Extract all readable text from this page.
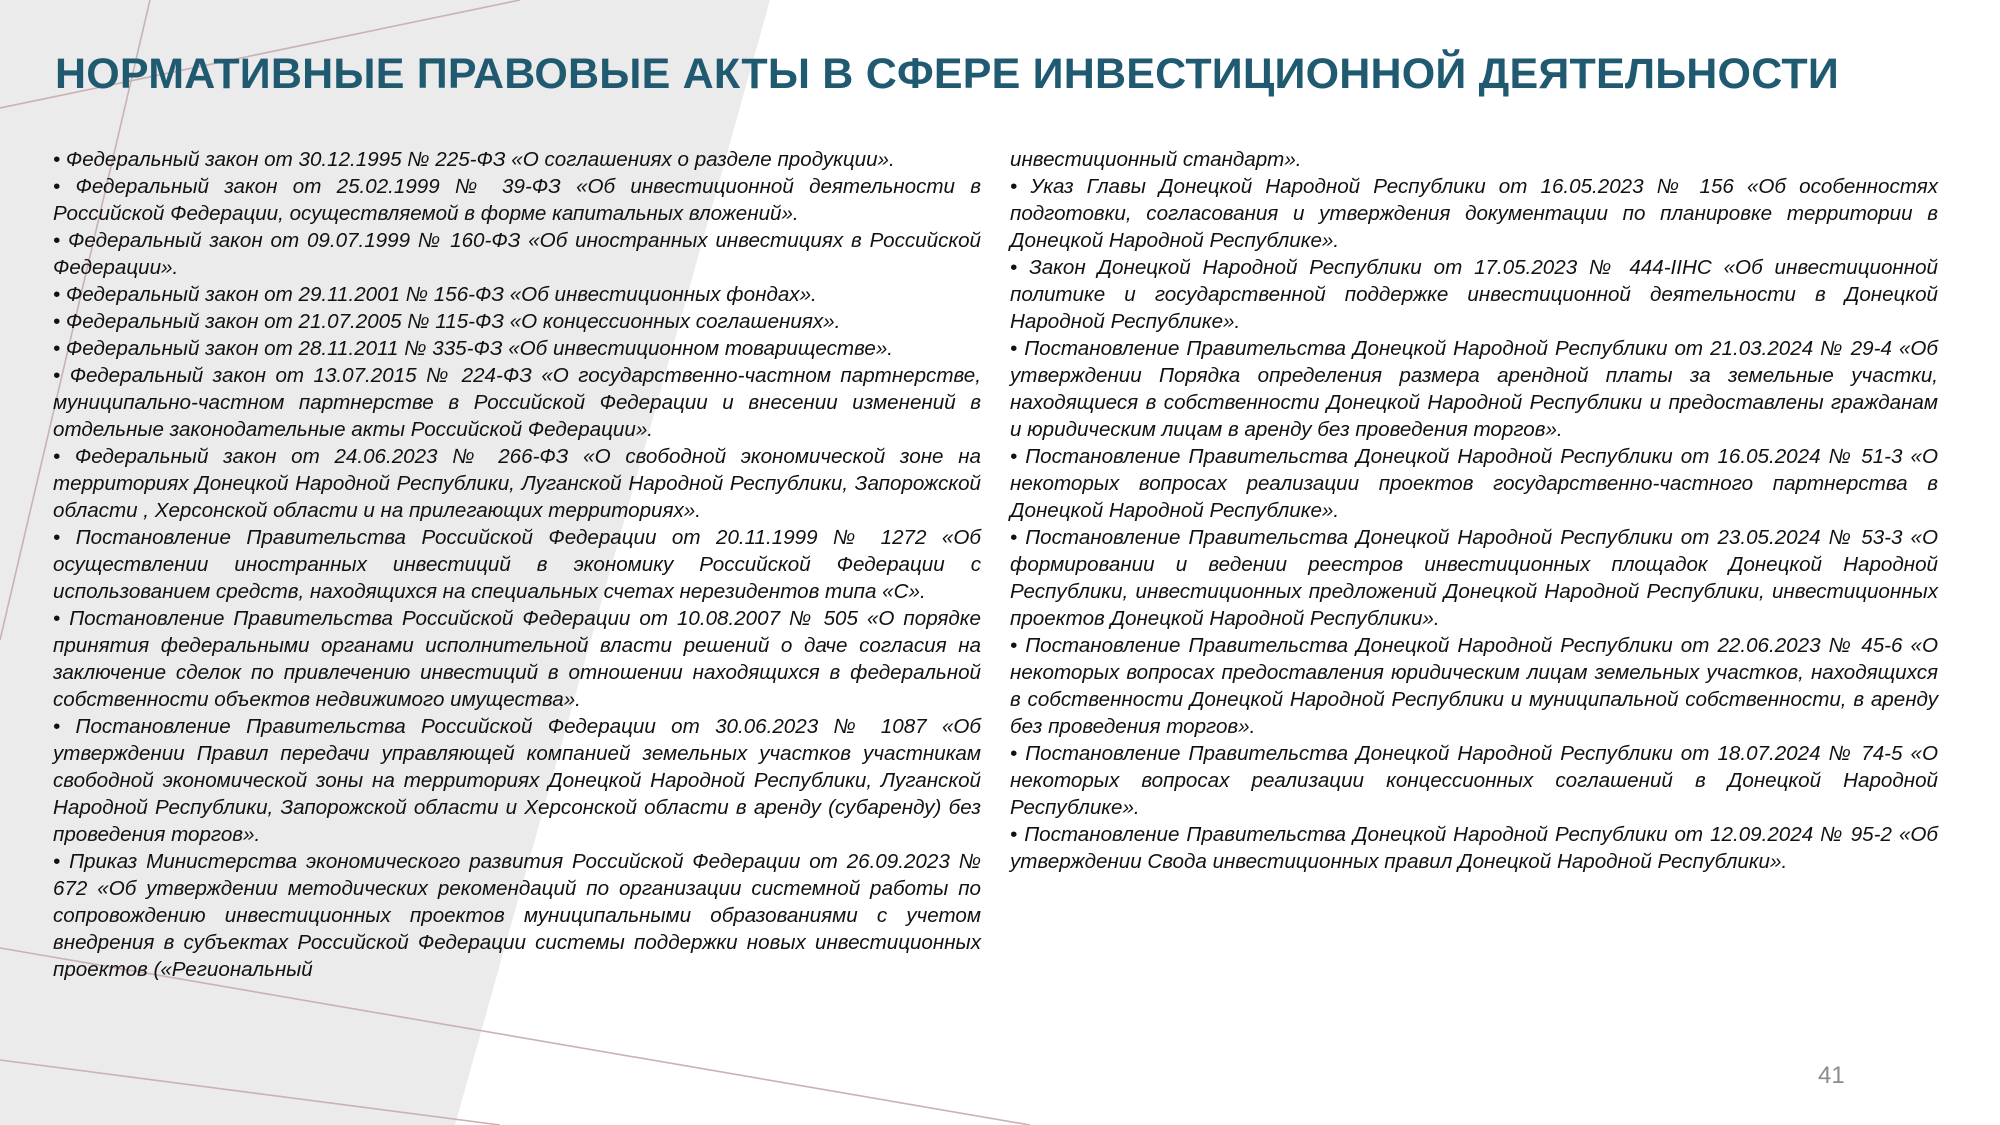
НОРМАТИВНЫЕ ПРАВОВЫЕ АКТЫ В СФЕРЕ ИНВЕСТИЦИОННОЙ ДЕЯТЕЛЬНОСТИ

• Федеральный закон от 30.12.1995 № 225-ФЗ «О соглашениях о разделе продукции».

• Федеральный закон от 25.02.1999 № 39-ФЗ «Об инвестиционной деятельности в Российской Федерации, осуществляемой в форме капитальных вложений».

• Федеральный закон от 09.07.1999 № 160-ФЗ «Об иностранных инвестициях в Российской Федерации».

• Федеральный закон от 29.11.2001 № 156-ФЗ «Об инвестиционных фондах».

• Федеральный закон от 21.07.2005 № 115-ФЗ «О концессионных соглашениях».

• Федеральный закон от 28.11.2011 № 335-ФЗ «Об инвестиционном товариществе».

• Федеральный закон от 13.07.2015 № 224-ФЗ «О государственно-частном партнерстве, муниципально-частном партнерстве в Российской Федерации и внесении изменений в отдельные законодательные акты Российской Федерации».

• Федеральный закон от 24.06.2023 № 266-ФЗ «О свободной экономической зоне на территориях Донецкой Народной Республики, Луганской Народной Республики, Запорожской области , Херсонской области и на прилегающих территориях».

• Постановление Правительства Российской Федерации от 20.11.1999 № 1272 «Об осуществлении иностранных инвестиций в экономику Российской Федерации с использованием средств, находящихся на специальных счетах нерезидентов типа «С».

• Постановление Правительства Российской Федерации от 10.08.2007 № 505 «О порядке принятия федеральными органами исполнительной власти решений о даче согласия на заключение сделок по привлечению инвестиций в отношении находящихся в федеральной собственности объектов недвижимого имущества».

• Постановление Правительства Российской Федерации от 30.06.2023 № 1087 «Об утверждении Правил передачи управляющей компанией земельных участков участникам свободной экономической зоны на территориях Донецкой Народной Республики, Луганской Народной Республики, Запорожской области и Херсонской области в аренду (субаренду) без проведения торгов».

• Приказ Министерства экономического развития Российской Федерации от 26.09.2023 № 672 «Об утверждении методических рекомендаций по организации системной работы по сопровождению инвестиционных проектов муниципальными образованиями с учетом внедрения в субъектах Российской Федерации системы поддержки новых инвестиционных проектов («Региональный

инвестиционный стандарт».

• Указ Главы Донецкой Народной Республики от 16.05.2023 № 156 «Об особенностях подготовки, согласования и утверждения документации по планировке территории в Донецкой Народной Республике».

• Закон Донецкой Народной Республики от 17.05.2023 № 444-IIНС «Об инвестиционной политике и государственной поддержке инвестиционной деятельности в Донецкой Народной Республике».

• Постановление Правительства Донецкой Народной Республики от 21.03.2024 № 29-4 «Об утверждении Порядка определения размера арендной платы за земельные участки, находящиеся в собственности Донецкой Народной Республики и предоставлены гражданам и юридическим лицам в аренду без проведения торгов».

• Постановление Правительства Донецкой Народной Республики от 16.05.2024 № 51-3 «О некоторых вопросах реализации проектов государственно-частного партнерства в Донецкой Народной Республике».

• Постановление Правительства Донецкой Народной Республики от 23.05.2024 № 53-3 «О формировании и ведении реестров инвестиционных площадок Донецкой Народной Республики, инвестиционных предложений Донецкой Народной Республики, инвестиционных проектов Донецкой Народной Республики».

• Постановление Правительства Донецкой Народной Республики от 22.06.2023 № 45-6 «О некоторых вопросах предоставления юридическим лицам земельных участков, находящихся в собственности Донецкой Народной Республики и муниципальной собственности, в аренду без проведения торгов».

• Постановление Правительства Донецкой Народной Республики от 18.07.2024 № 74-5 «О некоторых вопросах реализации концессионных соглашений в Донецкой Народной Республике».

• Постановление Правительства Донецкой Народной Республики от 12.09.2024 № 95-2 «Об утверждении Свода инвестиционных правил Донецкой Народной Республики».

41
